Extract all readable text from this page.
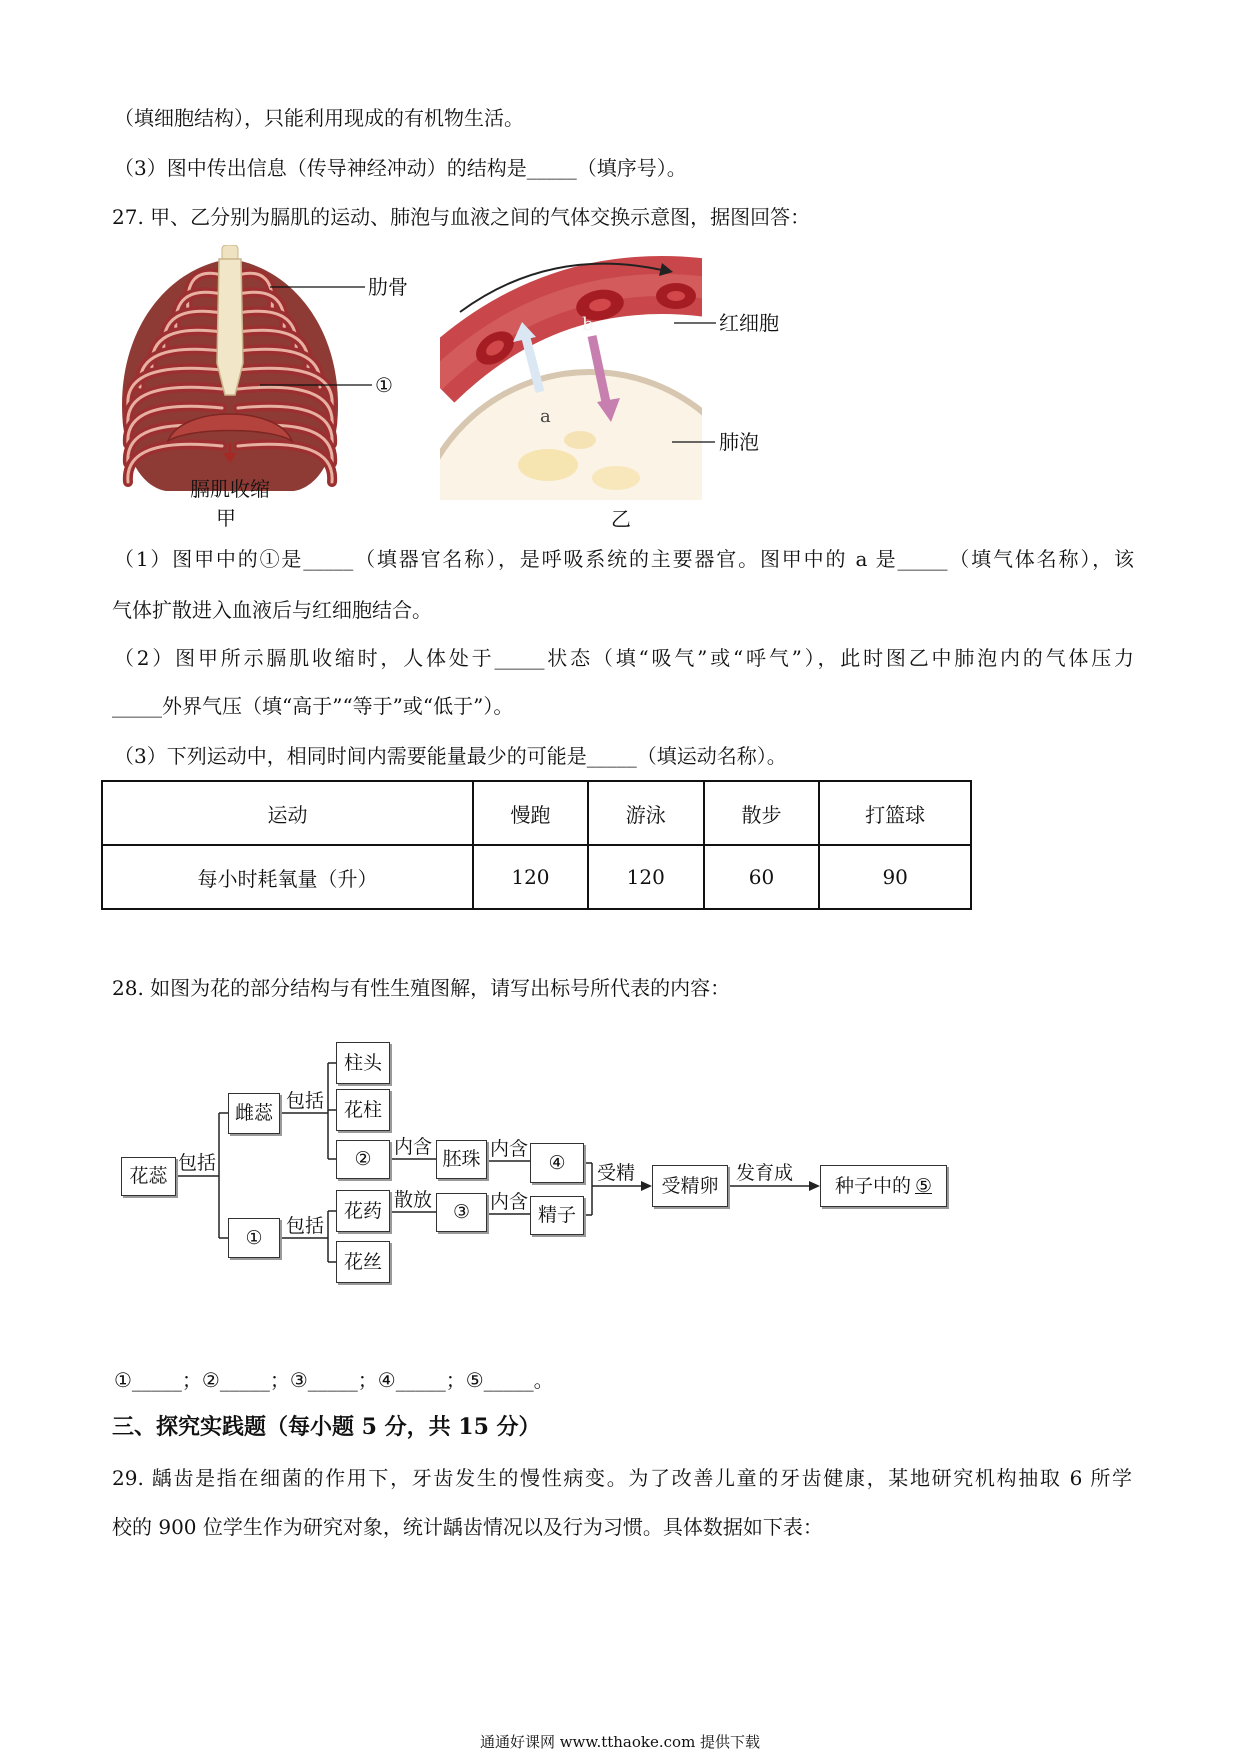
（填细胞结构），只能利用现成的有机物生活。
（3）图中传出信息（传导神经冲动）的结构是_____（填序号）。
27. 甲、乙分别为膈肌的运动、肺泡与血液之间的气体交换示意图，据图回答：
肋骨
①
膈肌收缩
甲
b
a
红细胞
肺泡
乙
（1）图甲中的①是_____（填器官名称），是呼吸系统的主要器官。图甲中的 a 是_____（填气体名称），该
气体扩散进入血液后与红细胞结合。
（2）图甲所示膈肌收缩时，人体处于_____状态（填“吸气”或“呼气”），此时图乙中肺泡内的气体压力
_____外界气压（填“高于”“等于”或“低于”）。
（3）下列运动中，相同时间内需要能量最少的可能是_____（填运动名称）。
运动	慢跑	游泳	散步	打篮球
每小时耗氧量（升）	120	120	60	90
28. 如图为花的部分结构与有性生殖图解，请写出标号所代表的内容：
花蕊
包括
雌蕊
①
包括
包括
柱头
花柱
②
花药
花丝
内含
胚珠 内含
④
散放
③	内含
精子
受精
受精卵
发育成
种子中的 ⑤
①_____；②_____；③_____；④_____；⑤_____。
三、探究实践题（每小题 5 分，共 15 分）
29. 龋齿是指在细菌的作用下，牙齿发生的慢性病变。为了改善儿童的牙齿健康，某地研究机构抽取 6 所学
校的 900 位学生作为研究对象，统计龋齿情况以及行为习惯。具体数据如下表：
通通好课网 www.tthaoke.com 提供下载
